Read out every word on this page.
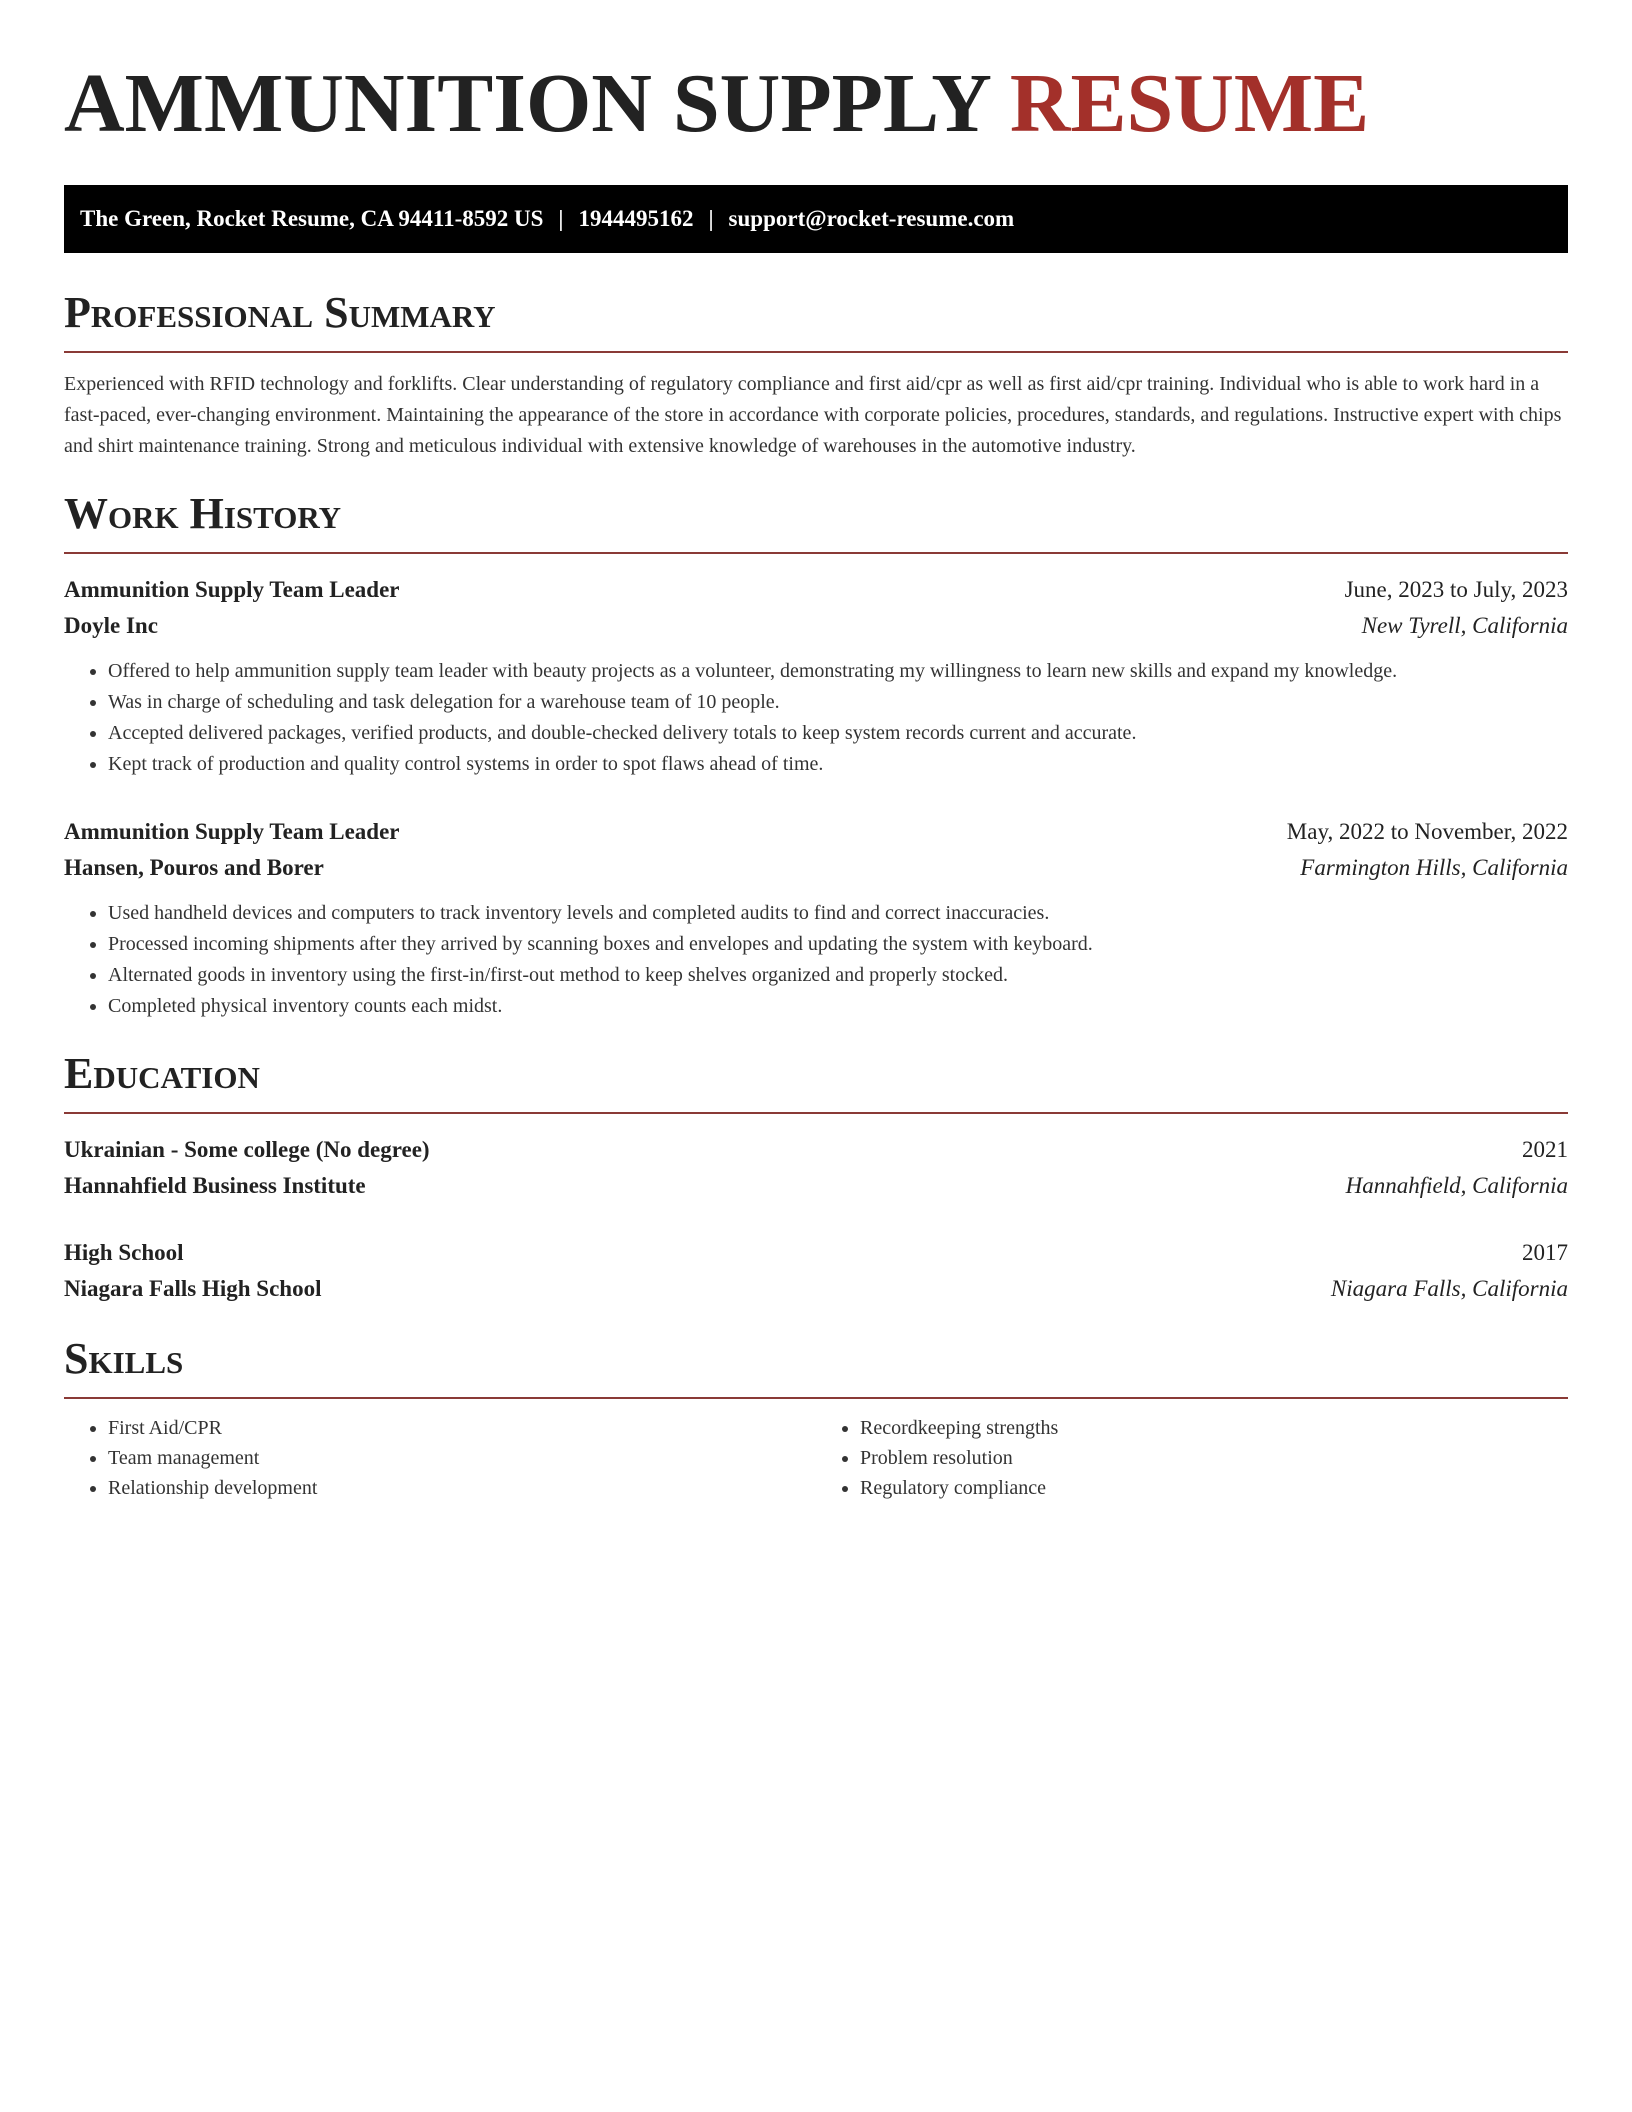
AMMUNITION SUPPLY RESUME
The Green, Rocket Resume, CA 94411-8592 US | 1944495162 | support@rocket-resume.com
Professional Summary

Experienced with RFID technology and forklifts. Clear understanding of regulatory compliance and first aid/cpr as well as first aid/cpr training. Individual who is able to work hard in a fast-paced, ever-changing environment. Maintaining the appearance of the store in accordance with corporate policies, procedures, standards, and regulations. Instructive expert with chips and shirt maintenance training. Strong and meticulous individual with extensive knowledge of warehouses in the automotive industry.

Work History
Ammunition Supply Team Leader	June, 2023 to July, 2023
Doyle Inc	New Tyrell, California
• Offered to help ammunition supply team leader with beauty projects as a volunteer, demonstrating my willingness to learn new skills and expand my knowledge.
• Was in charge of scheduling and task delegation for a warehouse team of 10 people.
• Accepted delivered packages, verified products, and double-checked delivery totals to keep system records current and accurate.
• Kept track of production and quality control systems in order to spot flaws ahead of time.
Ammunition Supply Team Leader	May, 2022 to November, 2022
Hansen, Pouros and Borer	Farmington Hills, California
• Used handheld devices and computers to track inventory levels and completed audits to find and correct inaccuracies.
• Processed incoming shipments after they arrived by scanning boxes and envelopes and updating the system with keyboard.
• Alternated goods in inventory using the first-in/first-out method to keep shelves organized and properly stocked.
• Completed physical inventory counts each midst.
Education
Ukrainian - Some college (No degree)	2021
Hannahfield Business Institute	Hannahfield, California
High School	2017
Niagara Falls High School	Niagara Falls, California
Skills
• First Aid/CPR
• Team management
• Relationship development
• Recordkeeping strengths
• Problem resolution
• Regulatory compliance
